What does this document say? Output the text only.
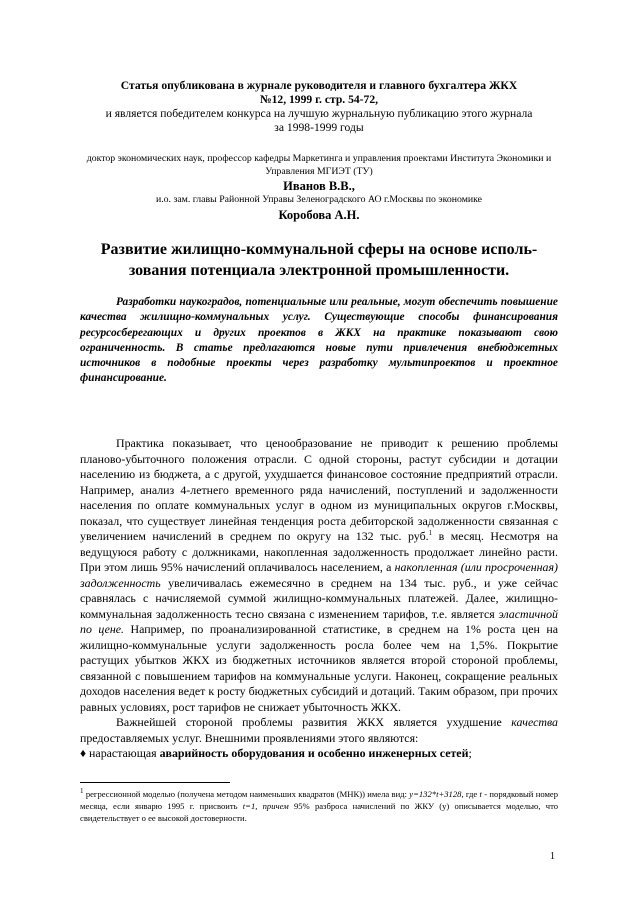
Статья опубликована в журнале руководителя и главного бухгалтера ЖКХ
№12, 1999 г. стр. 54-72,
и является победителем конкурса на лучшую журнальную публикацию этого журнала
за 1998-1999 годы
доктор экономических наук, профессор кафедры Маркетинга и управления проектами Института Экономики и Управления МГИЭТ (ТУ)
Иванов В.В.,
и.о. зам. главы Районной Управы Зеленоградского АО г.Москвы по экономике
Коробова А.Н.
Развитие жилищно-коммунальной сферы на основе исполь-зования потенциала электронной промышленности.

Разработки наукоградов, потенциальные или реальные, могут обеспечить повышение качества жилищно-коммунальных услуг. Существующие способы финансирования ресурсосберегающих и других проектов в ЖКХ на практике показывают свою ограниченность. В статье предлагаются новые пути привлечения внебюджетных источников в подобные проекты через разработку мультипроектов и проектное финансирование.

Практика показывает, что ценообразование не приводит к решению проблемы планово-убыточного положения отрасли. С одной стороны, растут субсидии и дотации населению из бюджета, а с другой, ухудшается финансовое состояние предприятий отрасли. Например, анализ 4-летнего временного ряда начислений, поступлений и задолженности населения по оплате коммунальных услуг в одном из муниципальных округов г.Москвы, показал, что существует линейная тенденция роста дебиторской задолженности связанная с увеличением начислений в среднем по округу на 132 тыс. руб.$^1$ в месяц. Несмотря на ведущуюся работу с должниками, накопленная задолженность продолжает линейно расти. При этом лишь 95% начислений оплачивалось населением, а накопленная (или просроченная) задолженность увеличивалась ежемесячно в среднем на 134 тыс. руб., и уже сейчас сравнялась с начисляемой суммой жилищно-коммунальных платежей. Далее, жилищно-коммунальная задолженность тесно связана с изменением тарифов, т.е. является эластичной по цене. Например, по проанализированной статистике, в среднем на 1% роста цен на жилищно-коммунальные услуги задолженность росла более чем на 1,5%. Покрытие растущих убытков ЖКХ из бюджетных источников является второй стороной проблемы, связанной с повышением тарифов на коммунальные услуги. Наконец, сокращение реальных доходов населения ведет к росту бюджетных субсидий и дотаций. Таким образом, при прочих равных условиях, рост тарифов не снижает убыточность ЖКХ.

Важнейшей стороной проблемы развития ЖКХ является ухудшение качества предоставляемых услуг. Внешними проявлениями этого являются:

♦ нарастающая аварийность оборудования и особенно инженерных сетей;

$^1$ регрессионной моделью (получена методом наименьших квадратов (МНК)) имела вид: y=132*t+3128, где t - порядковый номер месяца, если январю 1995 г. присвоить t=1, причем 95% разброса начислений по ЖКУ (y) описывается моделью, что свидетельствует о ее высокой достоверности.

1
